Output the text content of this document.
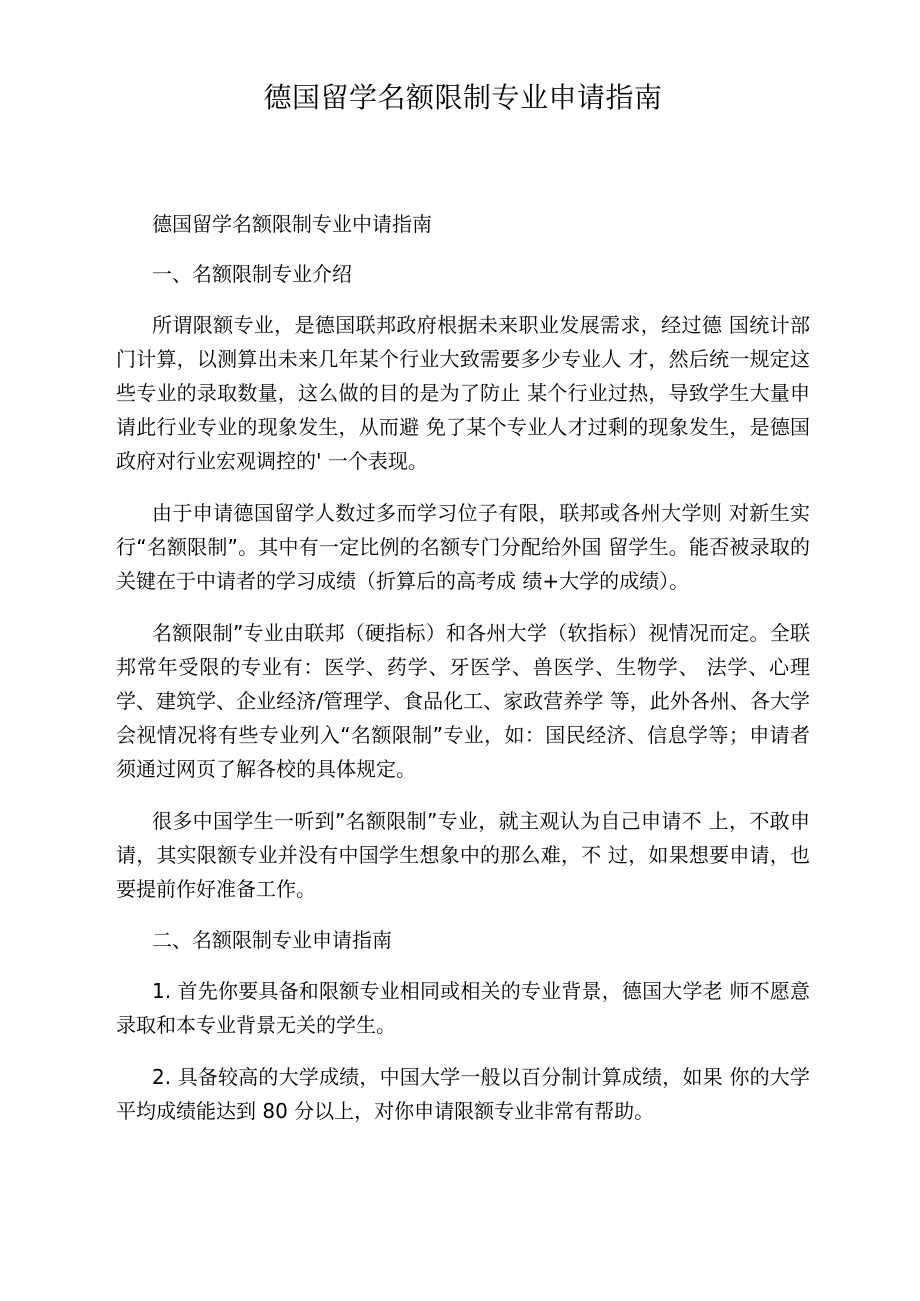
德国留学名额限制专业申请指南

德国留学名额限制专业中请指南

一、名额限制专业介绍

所谓限额专业，是德国联邦政府根据未来职业发展需求，经过德 国统计部门计算，以测算出未来几年某个行业大致需要多少专业人 才，然后统一规定这些专业的录取数量，这么做的目的是为了防止 某个行业过热，导致学生大量申请此行业专业的现象发生，从而避 免了某个专业人才过剩的现象发生，是德国政府对行业宏观调控的' 一个表现。

由于申请德国留学人数过多而学习位子有限，联邦或各州大学则 对新生实行“名额限制”。其中有一定比例的名额专门分配给外国 留学生。能否被录取的关键在于中请者的学习成绩（折算后的高考成 绩+大学的成绩）。

名额限制”专业由联邦（硬指标）和各州大学（软指标）视情况而定。全联邦常年受限的专业有：医学、药学、牙医学、兽医学、生物学、 法学、心理学、建筑学、企业经济/管理学、食品化工、家政营养学 等，此外各州、各大学会视情况将有些专业列入“名额限制”专业，如：国民经济、信息学等；申请者须通过网页了解各校的具体规定。

很多中国学生一听到”名额限制”专业，就主观认为自己申请不 上，不敢申请，其实限额专业并没有中国学生想象中的那么难，不 过，如果想要申请，也要提前作好准备工作。

二、名额限制专业申请指南

1. 首先你要具备和限额专业相同或相关的专业背景，德国大学老 师不愿意录取和本专业背景无关的学生。

2. 具备较高的大学成绩，中国大学一般以百分制计算成绩，如果 你的大学平均成绩能达到 80 分以上，对你申请限额专业非常有帮助。
